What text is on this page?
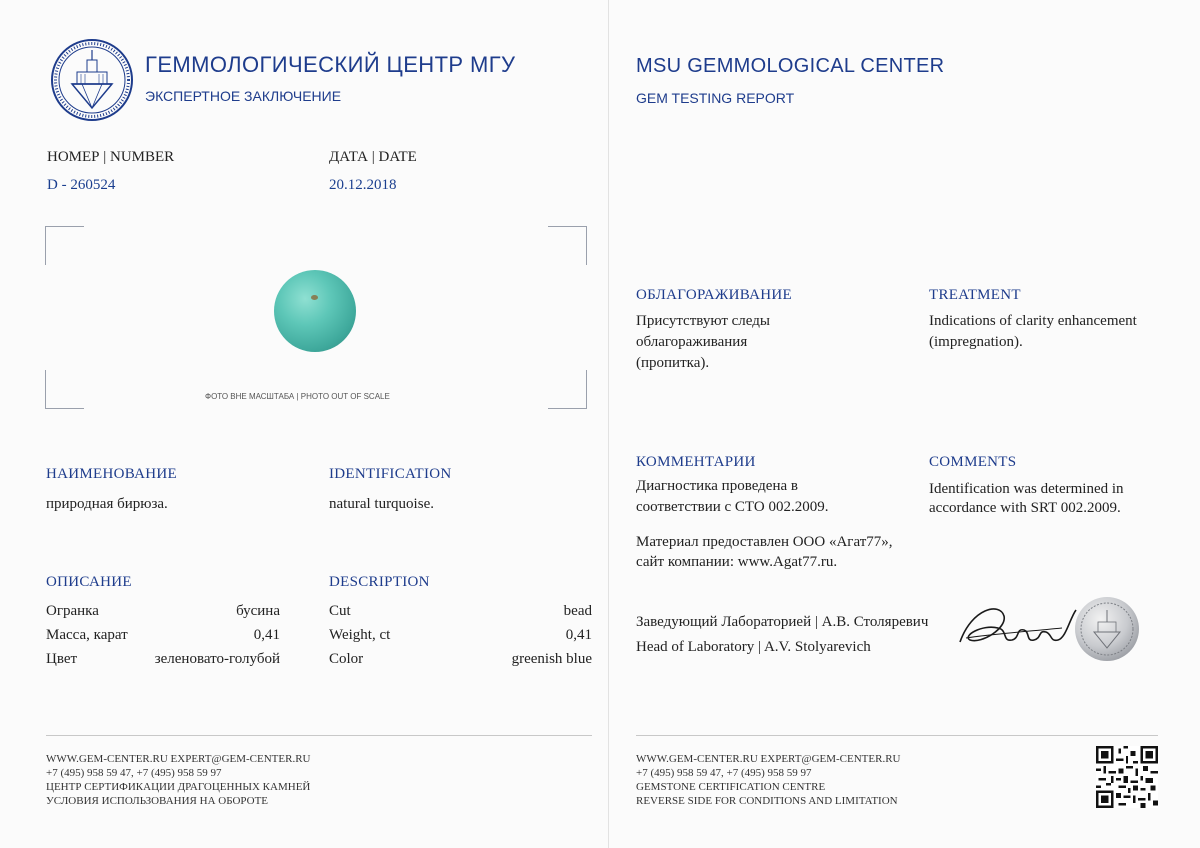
ГЕММОЛОГИЧЕСКИЙ ЦЕНТР МГУ
ЭКСПЕРТНОЕ ЗАКЛЮЧЕНИЕ
MSU GEMMOLOGICAL CENTER
GEM TESTING REPORT
НОМЕР | NUMBER
D - 260524
ДАТА | DATE
20.12.2018
ФОТО ВНЕ МАСШТАБА | PHOTO OUT OF SCALE
НАИМЕНОВАНИЕ
природная бирюза.
IDENTIFICATION
natural turquoise.
ОПИСАНИЕ	DESCRIPTION
Огранка	бусина
Масса, карат	0,41
Цвет	зеленовато-голубой
Cut	bead
Weight, ct	0,41
Color	greenish blue
ОБЛАГОРАЖИВАНИЕ
Присутствуют следы
облагораживания
(пропитка).
TREATMENT
Indications of clarity enhancement
(impregnation).
КОММЕНТАРИИ
Диагностика проведена в
соответствии с СТО 002.2009.
COMMENTS
Identification was determined in
accordance with SRT 002.2009.
Материал предоставлен ООО «Агат77»,
сайт компании: www.Agat77.ru.
Заведующий Лабораторией | А.В. Столяревич
Head of Laboratory | A.V. Stolyarevich
WWW.GEM-CENTER.RU EXPERT@GEM-CENTER.RU
+7 (495) 958 59 47, +7 (495) 958 59 97
ЦЕНТР СЕРТИФИКАЦИИ ДРАГОЦЕННЫХ КАМНЕЙ
УСЛОВИЯ ИСПОЛЬЗОВАНИЯ НА ОБОРОТЕ
WWW.GEM-CENTER.RU EXPERT@GEM-CENTER.RU
+7 (495) 958 59 47, +7 (495) 958 59 97
GEMSTONE CERTIFICATION CENTRE
REVERSE SIDE FOR CONDITIONS AND LIMITATION
